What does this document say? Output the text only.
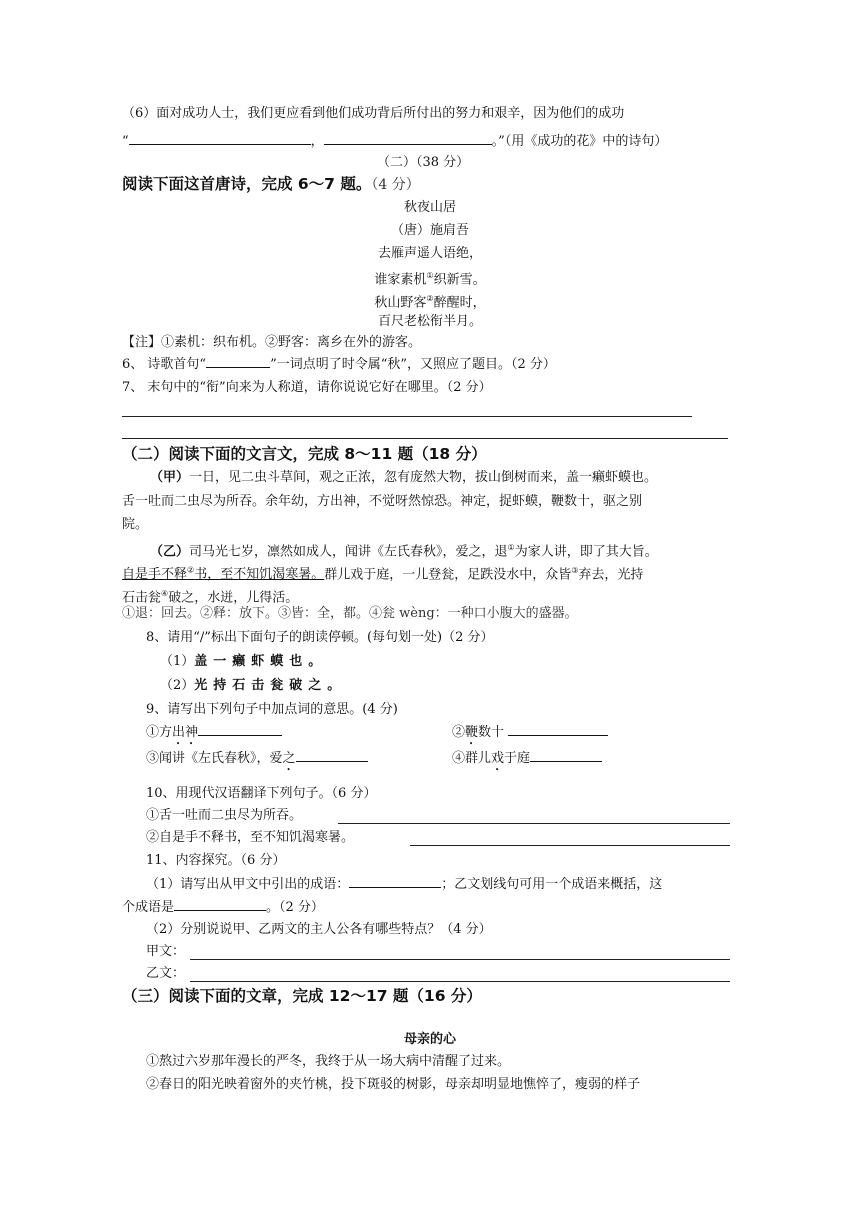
（6）面对成功人士，我们更应看到他们成功背后所付出的努力和艰辛，因为他们的成功
“	，	。”（用《成功的花》中的诗句）
（二）（38 分）
阅读下面这首唐诗，完成 6～7 题。（4 分）
秋夜山居
（唐）施肩吾
去雁声遥人语绝，
谁家素机①织新雪。
秋山野客②醉醒时，
百尺老松衔半月。
【注】①素机：织布机。②野客：离乡在外的游客。
6、 诗歌首句“	”一词点明了时令属“秋”，又照应了题目。（2 分）
7、 末句中的“衔”向来为人称道，请你说说它好在哪里。（2 分）
（二）阅读下面的文言文，完成 8～11 题（18 分）
（甲）一日，见二虫斗草间，观之正浓，忽有庞然大物，拔山倒树而来，盖一癞虾蟆也。
舌一吐而二虫尽为所吞。余年幼，方出神，不觉呀然惊恐。神定，捉虾蟆，鞭数十，驱之别
院。
（乙）司马光七岁，凛然如成人，闻讲《左氏春秋》，爱之，退①为家人讲，即了其大旨。
自是手不释②书，至不知饥渴寒暑。群儿戏于庭，一儿登瓮，足跌没水中，众皆③弃去，光持
石击瓮④破之，水迸，儿得活。
①退：回去。②释：放下。③皆：全，都。④瓮 wèng：一种口小腹大的盛器。
8、请用“/”标出下面句子的朗读停顿。(每句划一处)（2 分）
（1）盖一癞虾蟆也。
（2）光持石击瓮破之。
9、请写出下列句子中加点词的意思。(4 分)
①方出神	②鞭数十
③闻讲《左氏春秋》，爱之	④群儿戏于庭
10、用现代汉语翻译下列句子。（6 分）
①舌一吐而二虫尽为所吞。
②自是手不释书，至不知饥渴寒暑。
11、内容探究。（6 分）
（1）请写出从甲文中引出的成语：	；乙文划线句可用一个成语来概括，这
个成语是	。（2 分）
（2）分别说说甲、乙两文的主人公各有哪些特点？（4 分）
甲文：
乙文：
（三）阅读下面的文章，完成 12～17 题（16 分）
母亲的心
①熬过六岁那年漫长的严冬，我终于从一场大病中清醒了过来。
②春日的阳光映着窗外的夹竹桃，投下斑驳的树影，母亲却明显地憔悴了，瘦弱的样子
